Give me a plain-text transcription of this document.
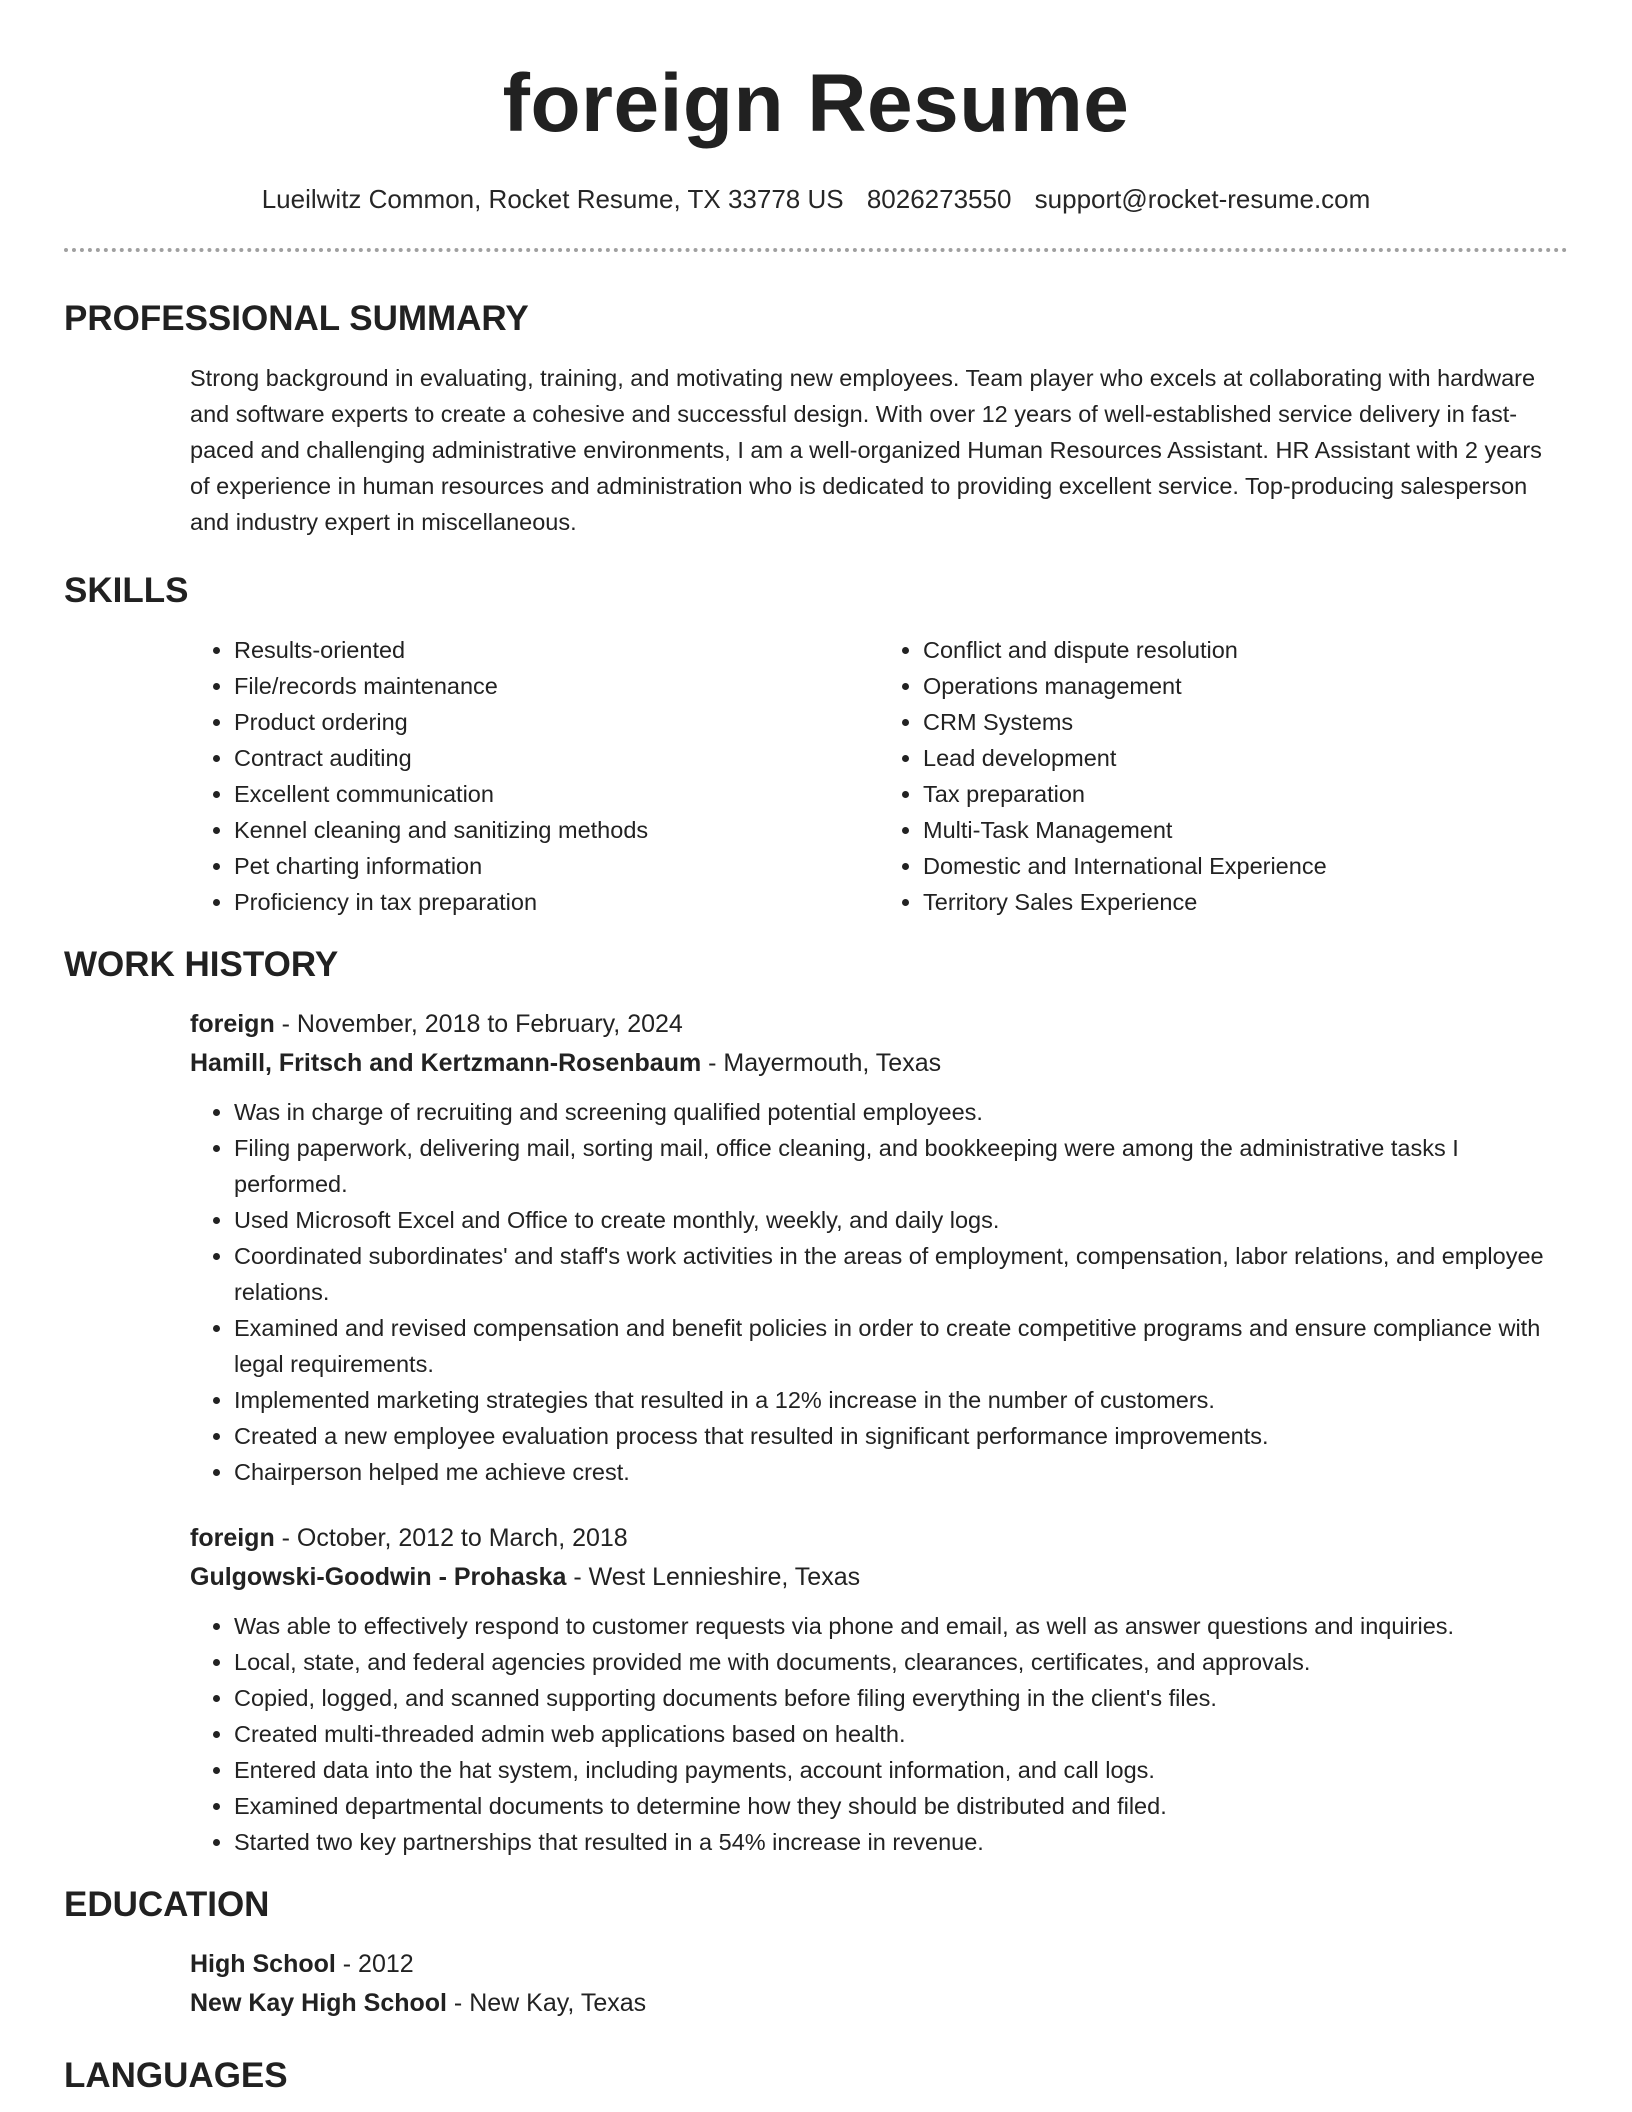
foreign Resume
Lueilwitz Common, Rocket Resume, TX 33778 US 8026273550 support@rocket-resume.com
PROFESSIONAL SUMMARY
Strong background in evaluating, training, and motivating new employees. Team player who excels at collaborating with hardware and software experts to create a cohesive and successful design. With over 12 years of well-established service delivery in fast-paced and challenging administrative environments, I am a well-organized Human Resources Assistant. HR Assistant with 2 years of experience in human resources and administration who is dedicated to providing excellent service. Top-producing salesperson and industry expert in miscellaneous.
SKILLS
• Results-oriented
• File/records maintenance
• Product ordering
• Contract auditing
• Excellent communication
• Kennel cleaning and sanitizing methods
• Pet charting information
• Proficiency in tax preparation
• Conflict and dispute resolution
• Operations management
• CRM Systems
• Lead development
• Tax preparation
• Multi-Task Management
• Domestic and International Experience
• Territory Sales Experience
WORK HISTORY
foreign - November, 2018 to February, 2024
Hamill, Fritsch and Kertzmann-Rosenbaum - Mayermouth, Texas
• Was in charge of recruiting and screening qualified potential employees.
• Filing paperwork, delivering mail, sorting mail, office cleaning, and bookkeeping were among the administrative tasks I performed.
• Used Microsoft Excel and Office to create monthly, weekly, and daily logs.
• Coordinated subordinates' and staff's work activities in the areas of employment, compensation, labor relations, and employee relations.
• Examined and revised compensation and benefit policies in order to create competitive programs and ensure compliance with legal requirements.
• Implemented marketing strategies that resulted in a 12% increase in the number of customers.
• Created a new employee evaluation process that resulted in significant performance improvements.
• Chairperson helped me achieve crest.
foreign - October, 2012 to March, 2018
Gulgowski-Goodwin - Prohaska - West Lennieshire, Texas
• Was able to effectively respond to customer requests via phone and email, as well as answer questions and inquiries.
• Local, state, and federal agencies provided me with documents, clearances, certificates, and approvals.
• Copied, logged, and scanned supporting documents before filing everything in the client's files.
• Created multi-threaded admin web applications based on health.
• Entered data into the hat system, including payments, account information, and call logs.
• Examined departmental documents to determine how they should be distributed and filed.
• Started two key partnerships that resulted in a 54% increase in revenue.
EDUCATION
High School - 2012
New Kay High School - New Kay, Texas
LANGUAGES
